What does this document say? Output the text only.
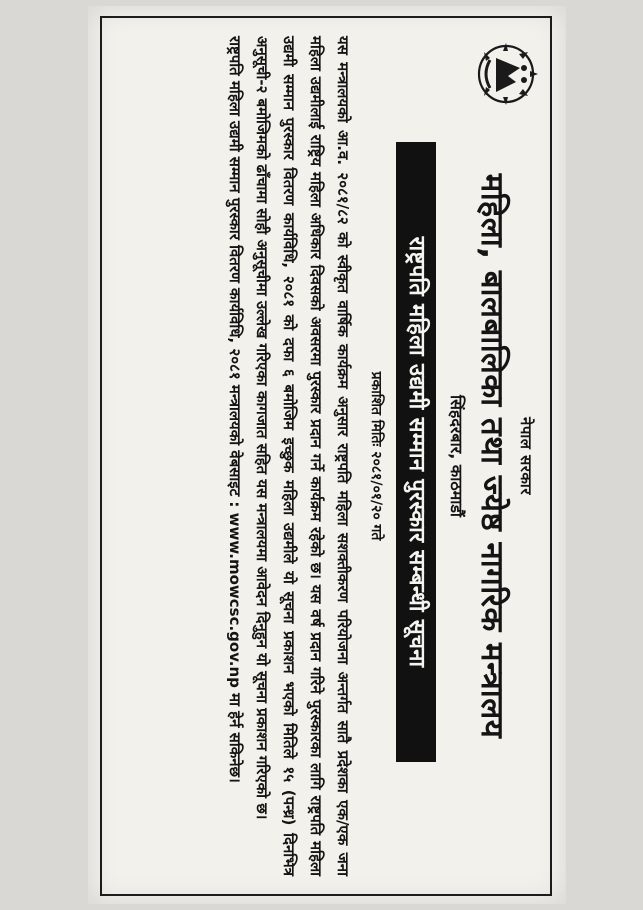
नेपाल सरकार
महिला, बालबालिका तथा ज्येष्ठ नागरिक मन्त्रालय
सिंहदरबार, काठमाडौं
राष्ट्रपति महिला उद्यमी सम्मान पुरस्कार सम्बन्धी सूचना
प्रकाशित मितिः २०८१/०१/२० गते

यस मन्त्रालयको आ.व. २०८१/८२ को स्वीकृत वार्षिक कार्यक्रम अनुसार राष्ट्रपति महिला सशक्तीकरण परियोजना अन्तर्गत सातै प्रदेशका एक/एक जना महिला उद्यमीलाई राष्ट्रिय महिला अधिकार दिवसको अवसरमा पुरस्कार प्रदान गर्ने कार्यक्रम रहेको छ। यस वर्ष प्रदान गरिने पुरस्कारका लागि राष्ट्रपति महिला उद्यमी सम्मान पुरस्कार वितरण कार्यविधि, २०८१ को दफा ६ बमोजिम इच्छुक महिला उद्यमीले यो सूचना प्रकाशन भएको मितिले १५ (पन्ध्र) दिनभित्र अनुसूची-२ बमोजिमको ढाँचामा सोही अनुसूचीमा उल्लेख गरिएका कागजात सहित यस मन्त्रालयमा आवेदन दिनुहुन यो सूचना प्रकाशन गरिएको छ।

राष्ट्रपति महिला उद्यमी सम्मान पुरस्कार वितरण कार्यविधि, २०८१ मन्त्रालयको वेबसाइट : www.mowcsc.gov.np मा हेर्न सकिनेछ।
